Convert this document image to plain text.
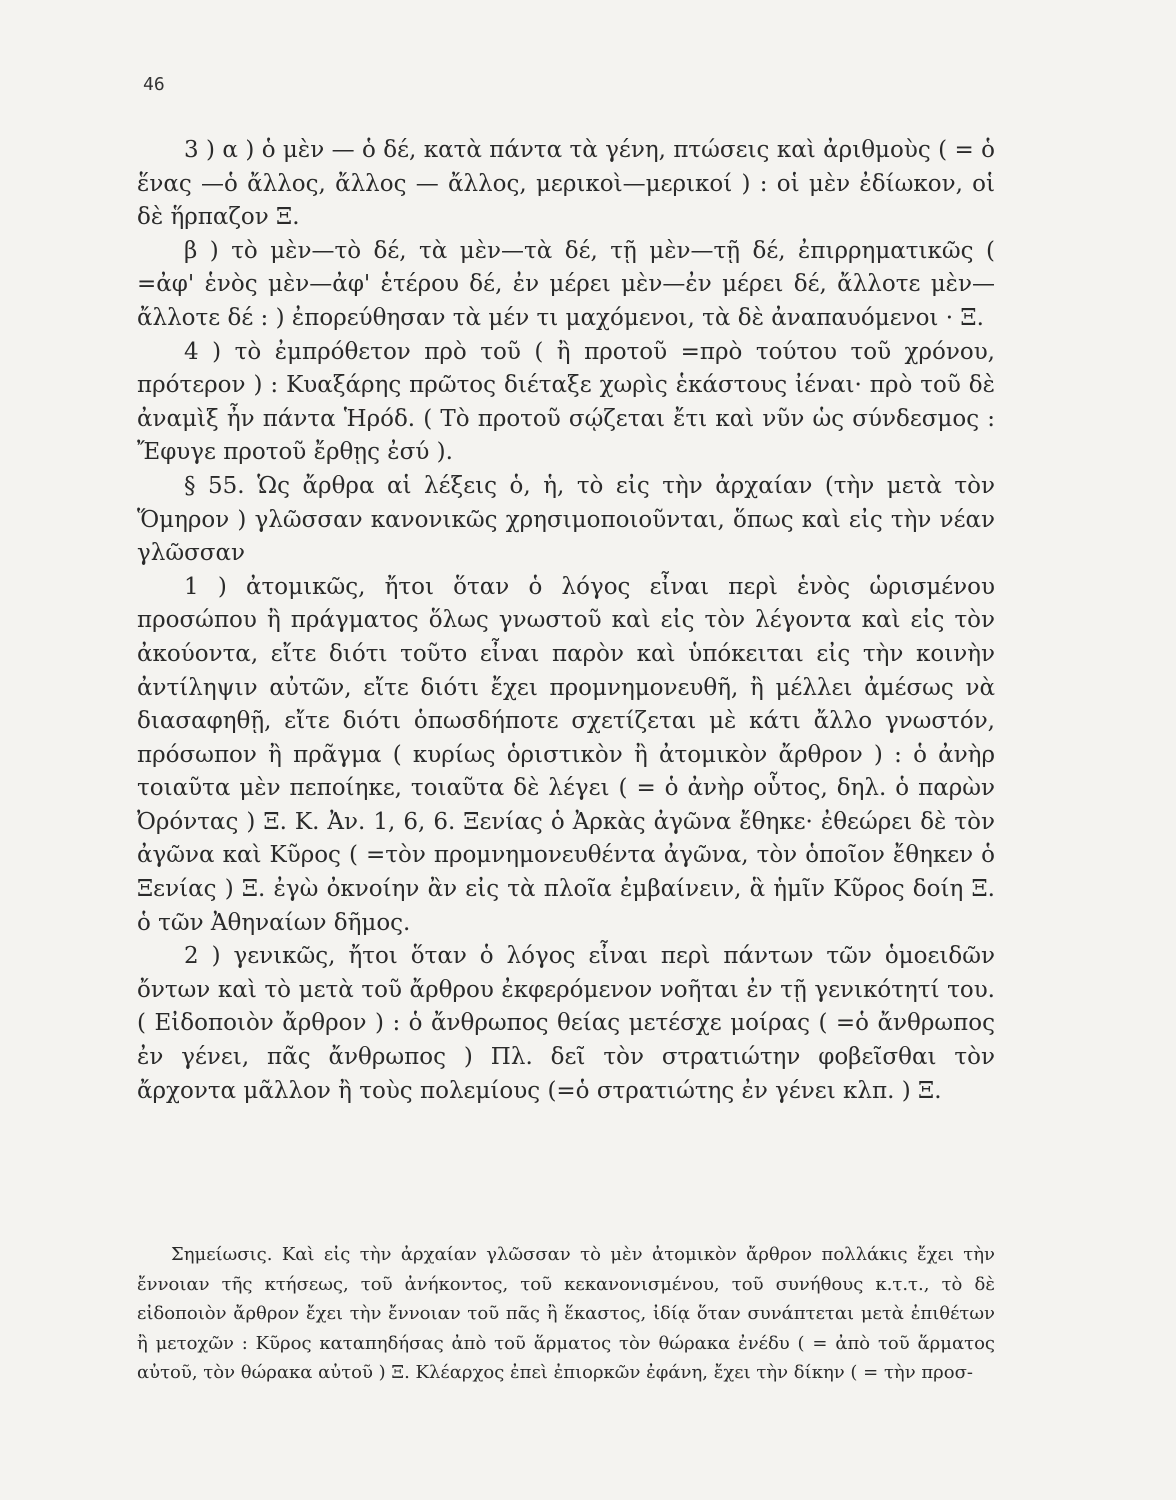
46

3 ) α ) ὁ μὲν — ὁ δέ, κατὰ πάντα τὰ γένη, πτώσεις καὶ ἀριθμοὺς ( = ὁ ἕνας —ὁ ἄλλος, ἄλλος — ἄλλος, μερικοὶ—μερικοί ) : οἱ μὲν ἐδίωκον, οἱ δὲ ἥρπαζον Ξ.

β ) τὸ μὲν—τὸ δέ, τὰ μὲν—τὰ δέ, τῇ μὲν—τῇ δέ, ἐπιρρηματικῶς ( =ἀφ' ἑνὸς μὲν—ἀφ' ἑτέρου δέ, ἐν μέρει μὲν—ἐν μέρει δέ, ἄλλοτε μὲν—ἄλλοτε δέ : ) ἐπορεύθησαν τὰ μέν τι μαχόμενοι, τὰ δὲ ἀναπαυόμενοι · Ξ.

4 ) τὸ ἐμπρόθετον πρὸ τοῦ ( ἢ προτοῦ =πρὸ τούτου τοῦ χρόνου, πρότερον ) : Κυαξάρης πρῶτος διέταξε χωρὶς ἑκάστους ἰέναι· πρὸ τοῦ δὲ ἀναμὶξ ἦν πάντα Ἡρόδ. ( Τὸ προτοῦ σῴζεται ἔτι καὶ νῦν ὡς σύνδεσμος : Ἔφυγε προτοῦ ἔρθῃς ἐσύ ).

§ 55. Ὡς ἄρθρα αἱ λέξεις ὁ, ἡ, τὸ εἰς τὴν ἀρχαίαν (τὴν μετὰ τὸν Ὅμηρον ) γλῶσσαν κανονικῶς χρησιμοποιοῦνται, ὅπως καὶ εἰς τὴν νέαν γλῶσσαν

1 ) ἀτομικῶς, ἤτοι ὅταν ὁ λόγος εἶναι περὶ ἑνὸς ὡρισμένου προσώπου ἢ πράγματος ὅλως γνωστοῦ καὶ εἰς τὸν λέγοντα καὶ εἰς τὸν ἀκούοντα, εἴτε διότι τοῦτο εἶναι παρὸν καὶ ὑπόκειται εἰς τὴν κοινὴν ἀντίληψιν αὐτῶν, εἴτε διότι ἔχει προμνημονευθῆ, ἢ μέλλει ἀμέσως νὰ διασαφηθῇ, εἴτε διότι ὁπωσδήποτε σχετίζεται μὲ κάτι ἄλλο γνωστόν, πρόσωπον ἢ πρᾶγμα ( κυρίως ὁριστικὸν ἢ ἀτομικὸν ἄρθρον ) : ὁ ἀνὴρ τοιαῦτα μὲν πεποίηκε, τοιαῦτα δὲ λέγει ( = ὁ ἀνὴρ οὗτος, δηλ. ὁ παρὼν Ὀρόντας ) Ξ. Κ. Ἀν. 1, 6, 6. Ξενίας ὁ Ἀρκὰς ἀγῶνα ἔθηκε· ἐθεώρει δὲ τὸν ἀγῶνα καὶ Κῦρος ( =τὸν προμνημονευθέντα ἀγῶνα, τὸν ὁποῖον ἔθηκεν ὁ Ξενίας ) Ξ. ἐγὼ ὀκνοίην ἂν εἰς τὰ πλοῖα ἐμβαίνειν, ἃ ἡμῖν Κῦρος δοίη Ξ. ὁ τῶν Ἀθηναίων δῆμος.

2 ) γενικῶς, ἤτοι ὅταν ὁ λόγος εἶναι περὶ πάντων τῶν ὁμοειδῶν ὄντων καὶ τὸ μετὰ τοῦ ἄρθρου ἐκφερόμενον νοῆται ἐν τῇ γενικότητί του. ( Εἰδοποιὸν ἄρθρον ) : ὁ ἄνθρωπος θείας μετέσχε μοίρας ( =ὁ ἄνθρωπος ἐν γένει, πᾶς ἄνθρωπος ) Πλ. δεῖ τὸν στρατιώτην φοβεῖσθαι τὸν ἄρχοντα μᾶλλον ἢ τοὺς πολεμίους (=ὁ στρατιώτης ἐν γένει κλπ. ) Ξ.

Σημείωσις. Καὶ εἰς τὴν ἀρχαίαν γλῶσσαν τὸ μὲν ἀτομικὸν ἄρθρον πολλάκις ἔχει τὴν ἔννοιαν τῆς κτήσεως, τοῦ ἀνήκοντος, τοῦ κεκανονισμένου, τοῦ συνήθους κ.τ.τ., τὸ δὲ εἰδοποιὸν ἄρθρον ἔχει τὴν ἔννοιαν τοῦ πᾶς ἢ ἕκαστος, ἰδίᾳ ὅταν συνάπτεται μετὰ ἐπιθέτων ἢ μετοχῶν : Κῦρος καταπηδήσας ἀπὸ τοῦ ἅρματος τὸν θώρακα ἐνέδυ ( = ἀπὸ τοῦ ἅρματος αὐτοῦ, τὸν θώρακα αὐτοῦ ) Ξ. Κλέαρχος ἐπεὶ ἐπιορκῶν ἐφάνη, ἔχει τὴν δίκην ( = τὴν προσ-
